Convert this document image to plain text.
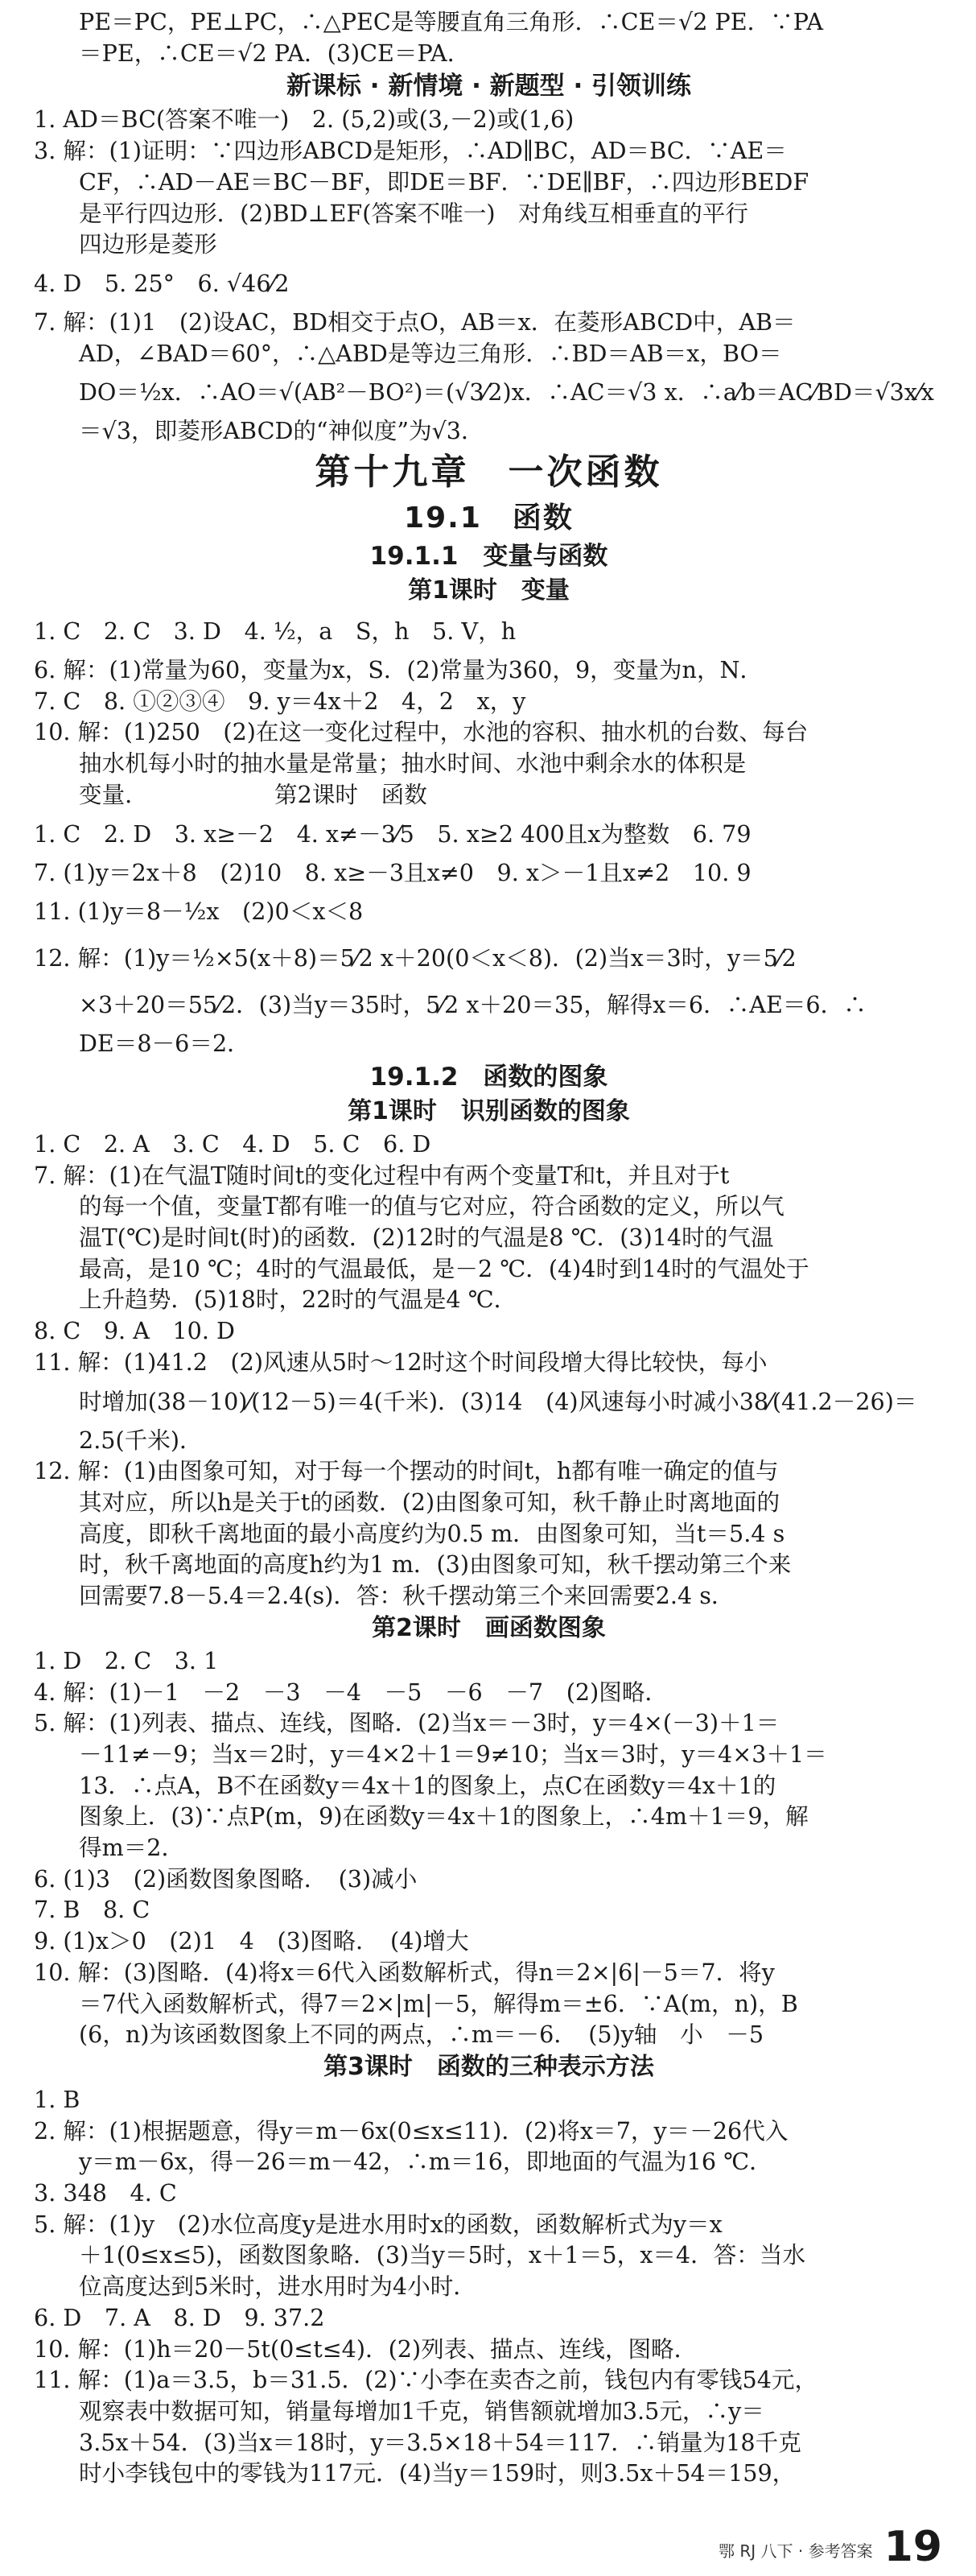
PE＝PC，PE⊥PC，∴△PEC是等腰直角三角形．∴CE＝√2 PE．∵PA
＝PE，∴CE＝√2 PA．(3)CE＝PA．
新课标 · 新情境 · 新题型 · 引领训练
1. AD＝BC(答案不唯一)　2. (5,2)或(3,－2)或(1,6)
3. 解：(1)证明：∵四边形ABCD是矩形，∴AD∥BC，AD＝BC．∵AE＝
CF，∴AD－AE＝BC－BF，即DE＝BF．∵DE∥BF，∴四边形BEDF
是平行四边形．(2)BD⊥EF(答案不唯一)　对角线互相垂直的平行
四边形是菱形
4. D　5. 25°　6. √46⁄2
7. 解：(1)1　(2)设AC，BD相交于点O，AB＝x．在菱形ABCD中，AB＝
AD，∠BAD＝60°，∴△ABD是等边三角形．∴BD＝AB＝x，BO＝
DO＝½x．∴AO＝√(AB²－BO²)＝(√3⁄2)x．∴AC＝√3 x．∴a⁄b＝AC⁄BD＝√3x⁄x
＝√3，即菱形ABCD的“神似度”为√3．
第十九章　一次函数
19.1　函数
19.1.1　变量与函数
第1课时　变量
1. C　2. C　3. D　4. ½，a　S，h　5. V，h
6. 解：(1)常量为60，变量为x，S．(2)常量为360，9，变量为n，N．
7. C　8. ①②③④　9. y＝4x＋2　4，2　x，y
10. 解：(1)250　(2)在这一变化过程中，水池的容积、抽水机的台数、每台
抽水机每小时的抽水量是常量；抽水时间、水池中剩余水的体积是
变量．　　　　　　第2课时　函数
1. C　2. D　3. x≥－2　4. x≠－3⁄5　5. x≥2 400且x为整数　6. 79
7. (1)y＝2x＋8　(2)10　8. x≥－3且x≠0　9. x＞－1且x≠2　10. 9
11. (1)y＝8－½x　(2)0＜x＜8
12. 解：(1)y＝½×5(x＋8)＝5⁄2 x＋20(0＜x＜8)．(2)当x＝3时，y＝5⁄2
×3＋20＝55⁄2．(3)当y＝35时，5⁄2 x＋20＝35，解得x＝6．∴AE＝6．∴
DE＝8－6＝2．
19.1.2　函数的图象
第1课时　识别函数的图象
1. C　2. A　3. C　4. D　5. C　6. D
7. 解：(1)在气温T随时间t的变化过程中有两个变量T和t，并且对于t
的每一个值，变量T都有唯一的值与它对应，符合函数的定义，所以气
温T(℃)是时间t(时)的函数．(2)12时的气温是8 ℃．(3)14时的气温
最高，是10 ℃；4时的气温最低，是－2 ℃．(4)4时到14时的气温处于
上升趋势．(5)18时，22时的气温是4 ℃．
8. C　9. A　10. D
11. 解：(1)41.2　(2)风速从5时～12时这个时间段增大得比较快，每小
时增加(38－10)⁄(12－5)＝4(千米)．(3)14　(4)风速每小时减小38⁄(41.2－26)＝
2.5(千米)．
12. 解：(1)由图象可知，对于每一个摆动的时间t，h都有唯一确定的值与
其对应，所以h是关于t的函数．(2)由图象可知，秋千静止时离地面的
高度，即秋千离地面的最小高度约为0.5 m．由图象可知，当t＝5.4 s
时，秋千离地面的高度h约为1 m．(3)由图象可知，秋千摆动第三个来
回需要7.8－5.4＝2.4(s)．答：秋千摆动第三个来回需要2.4 s．
第2课时　画函数图象
1. D　2. C　3. 1
4. 解：(1)－1　－2　－3　－4　－5　－6　－7　(2)图略．
5. 解：(1)列表、描点、连线，图略．(2)当x＝－3时，y＝4×(－3)＋1＝
－11≠－9；当x＝2时，y＝4×2＋1＝9≠10；当x＝3时，y＝4×3＋1＝
13．∴点A，B不在函数y＝4x＋1的图象上，点C在函数y＝4x＋1的
图象上．(3)∵点P(m，9)在函数y＝4x＋1的图象上，∴4m＋1＝9，解
得m＝2．
6. (1)3　(2)函数图象图略．　(3)减小
7. B　8. C
9. (1)x＞0　(2)1　4　(3)图略．　(4)增大
10. 解：(3)图略．(4)将x＝6代入函数解析式，得n＝2×|6|－5＝7．将y
＝7代入函数解析式，得7＝2×|m|－5，解得m＝±6．∵A(m，n)，B
(6，n)为该函数图象上不同的两点，∴m＝－6．　(5)y轴　小　－5
第3课时　函数的三种表示方法
1. B
2. 解：(1)根据题意，得y＝m－6x(0≤x≤11)．(2)将x＝7，y＝－26代入
y＝m－6x，得－26＝m－42，∴m＝16，即地面的气温为16 ℃．
3. 348　4. C
5. 解：(1)y　(2)水位高度y是进水用时x的函数，函数解析式为y＝x
＋1(0≤x≤5)，函数图象略．(3)当y＝5时，x＋1＝5，x＝4．答：当水
位高度达到5米时，进水用时为4小时．
6. D　7. A　8. D　9. 37.2
10. 解：(1)h＝20－5t(0≤t≤4)．(2)列表、描点、连线，图略．
11. 解：(1)a＝3.5，b＝31.5．(2)∵小李在卖杏之前，钱包内有零钱54元，
观察表中数据可知，销量每增加1千克，销售额就增加3.5元，∴y＝
3.5x＋54．(3)当x＝18时，y＝3.5×18＋54＝117．∴销量为18千克
时小李钱包中的零钱为117元．(4)当y＝159时，则3.5x＋54＝159，
鄂 RJ 八下 · 参考答案 19
